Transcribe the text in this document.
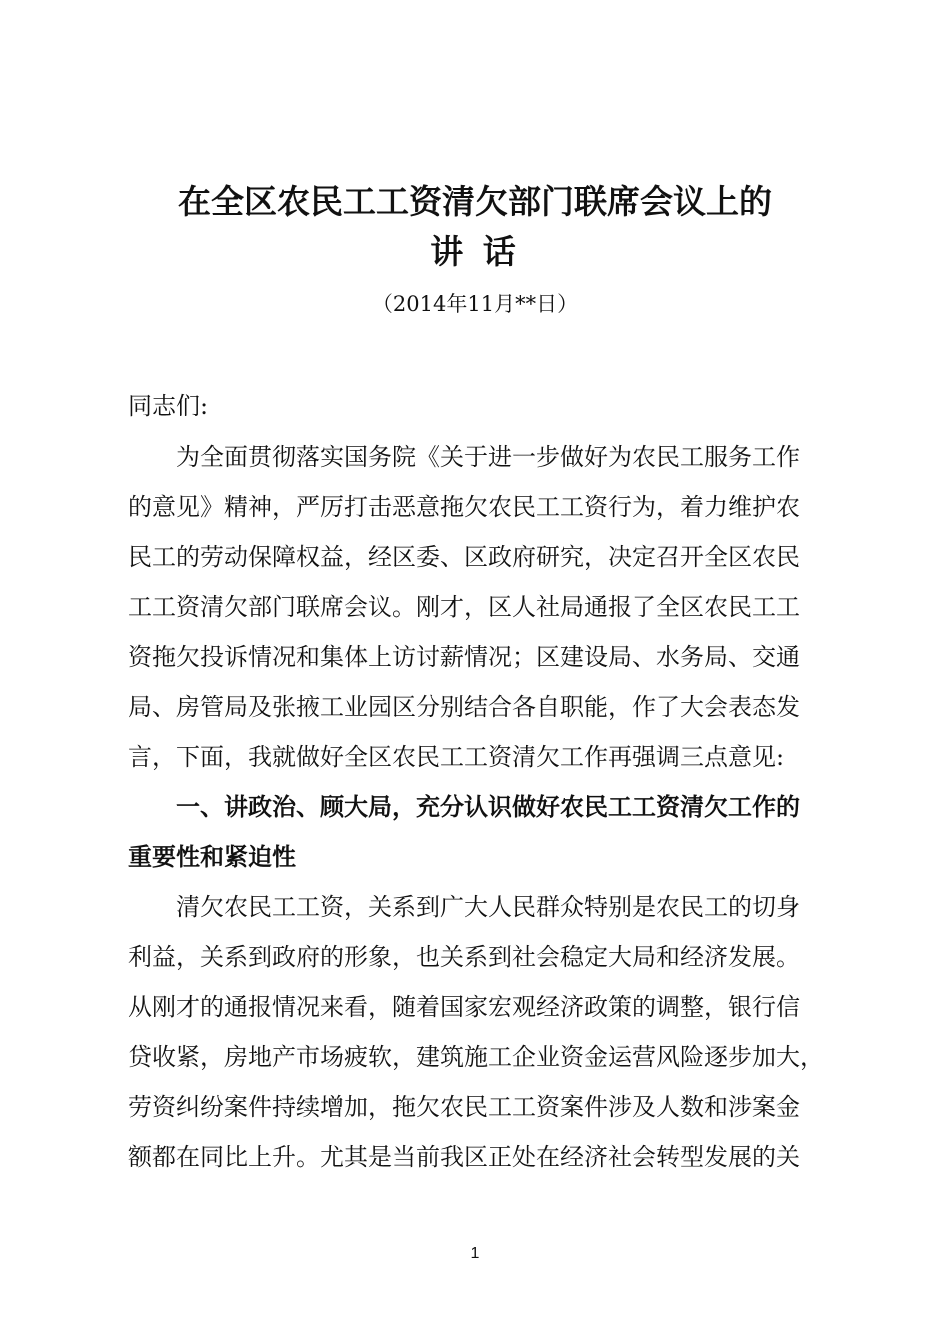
在全区农民工工资清欠部门联席会议上的
讲 话
（2014年11月**日）
同志们:
　　为全面贯彻落实国务院《关于进一步做好为农民工服务工作
的意见》精神，严厉打击恶意拖欠农民工工资行为，着力维护农
民工的劳动保障权益，经区委、区政府研究，决定召开全区农民
工工资清欠部门联席会议。刚才，区人社局通报了全区农民工工
资拖欠投诉情况和集体上访讨薪情况；区建设局、水务局、交通
局、房管局及张掖工业园区分别结合各自职能，作了大会表态发
言，下面，我就做好全区农民工工资清欠工作再强调三点意见:
　　一、讲政治、顾大局，充分认识做好农民工工资清欠工作的
重要性和紧迫性
　　清欠农民工工资，关系到广大人民群众特别是农民工的切身
利益，关系到政府的形象，也关系到社会稳定大局和经济发展。
从刚才的通报情况来看，随着国家宏观经济政策的调整，银行信
贷收紧，房地产市场疲软，建筑施工企业资金运营风险逐步加大，
劳资纠纷案件持续增加，拖欠农民工工资案件涉及人数和涉案金
额都在同比上升。尤其是当前我区正处在经济社会转型发展的关
1
